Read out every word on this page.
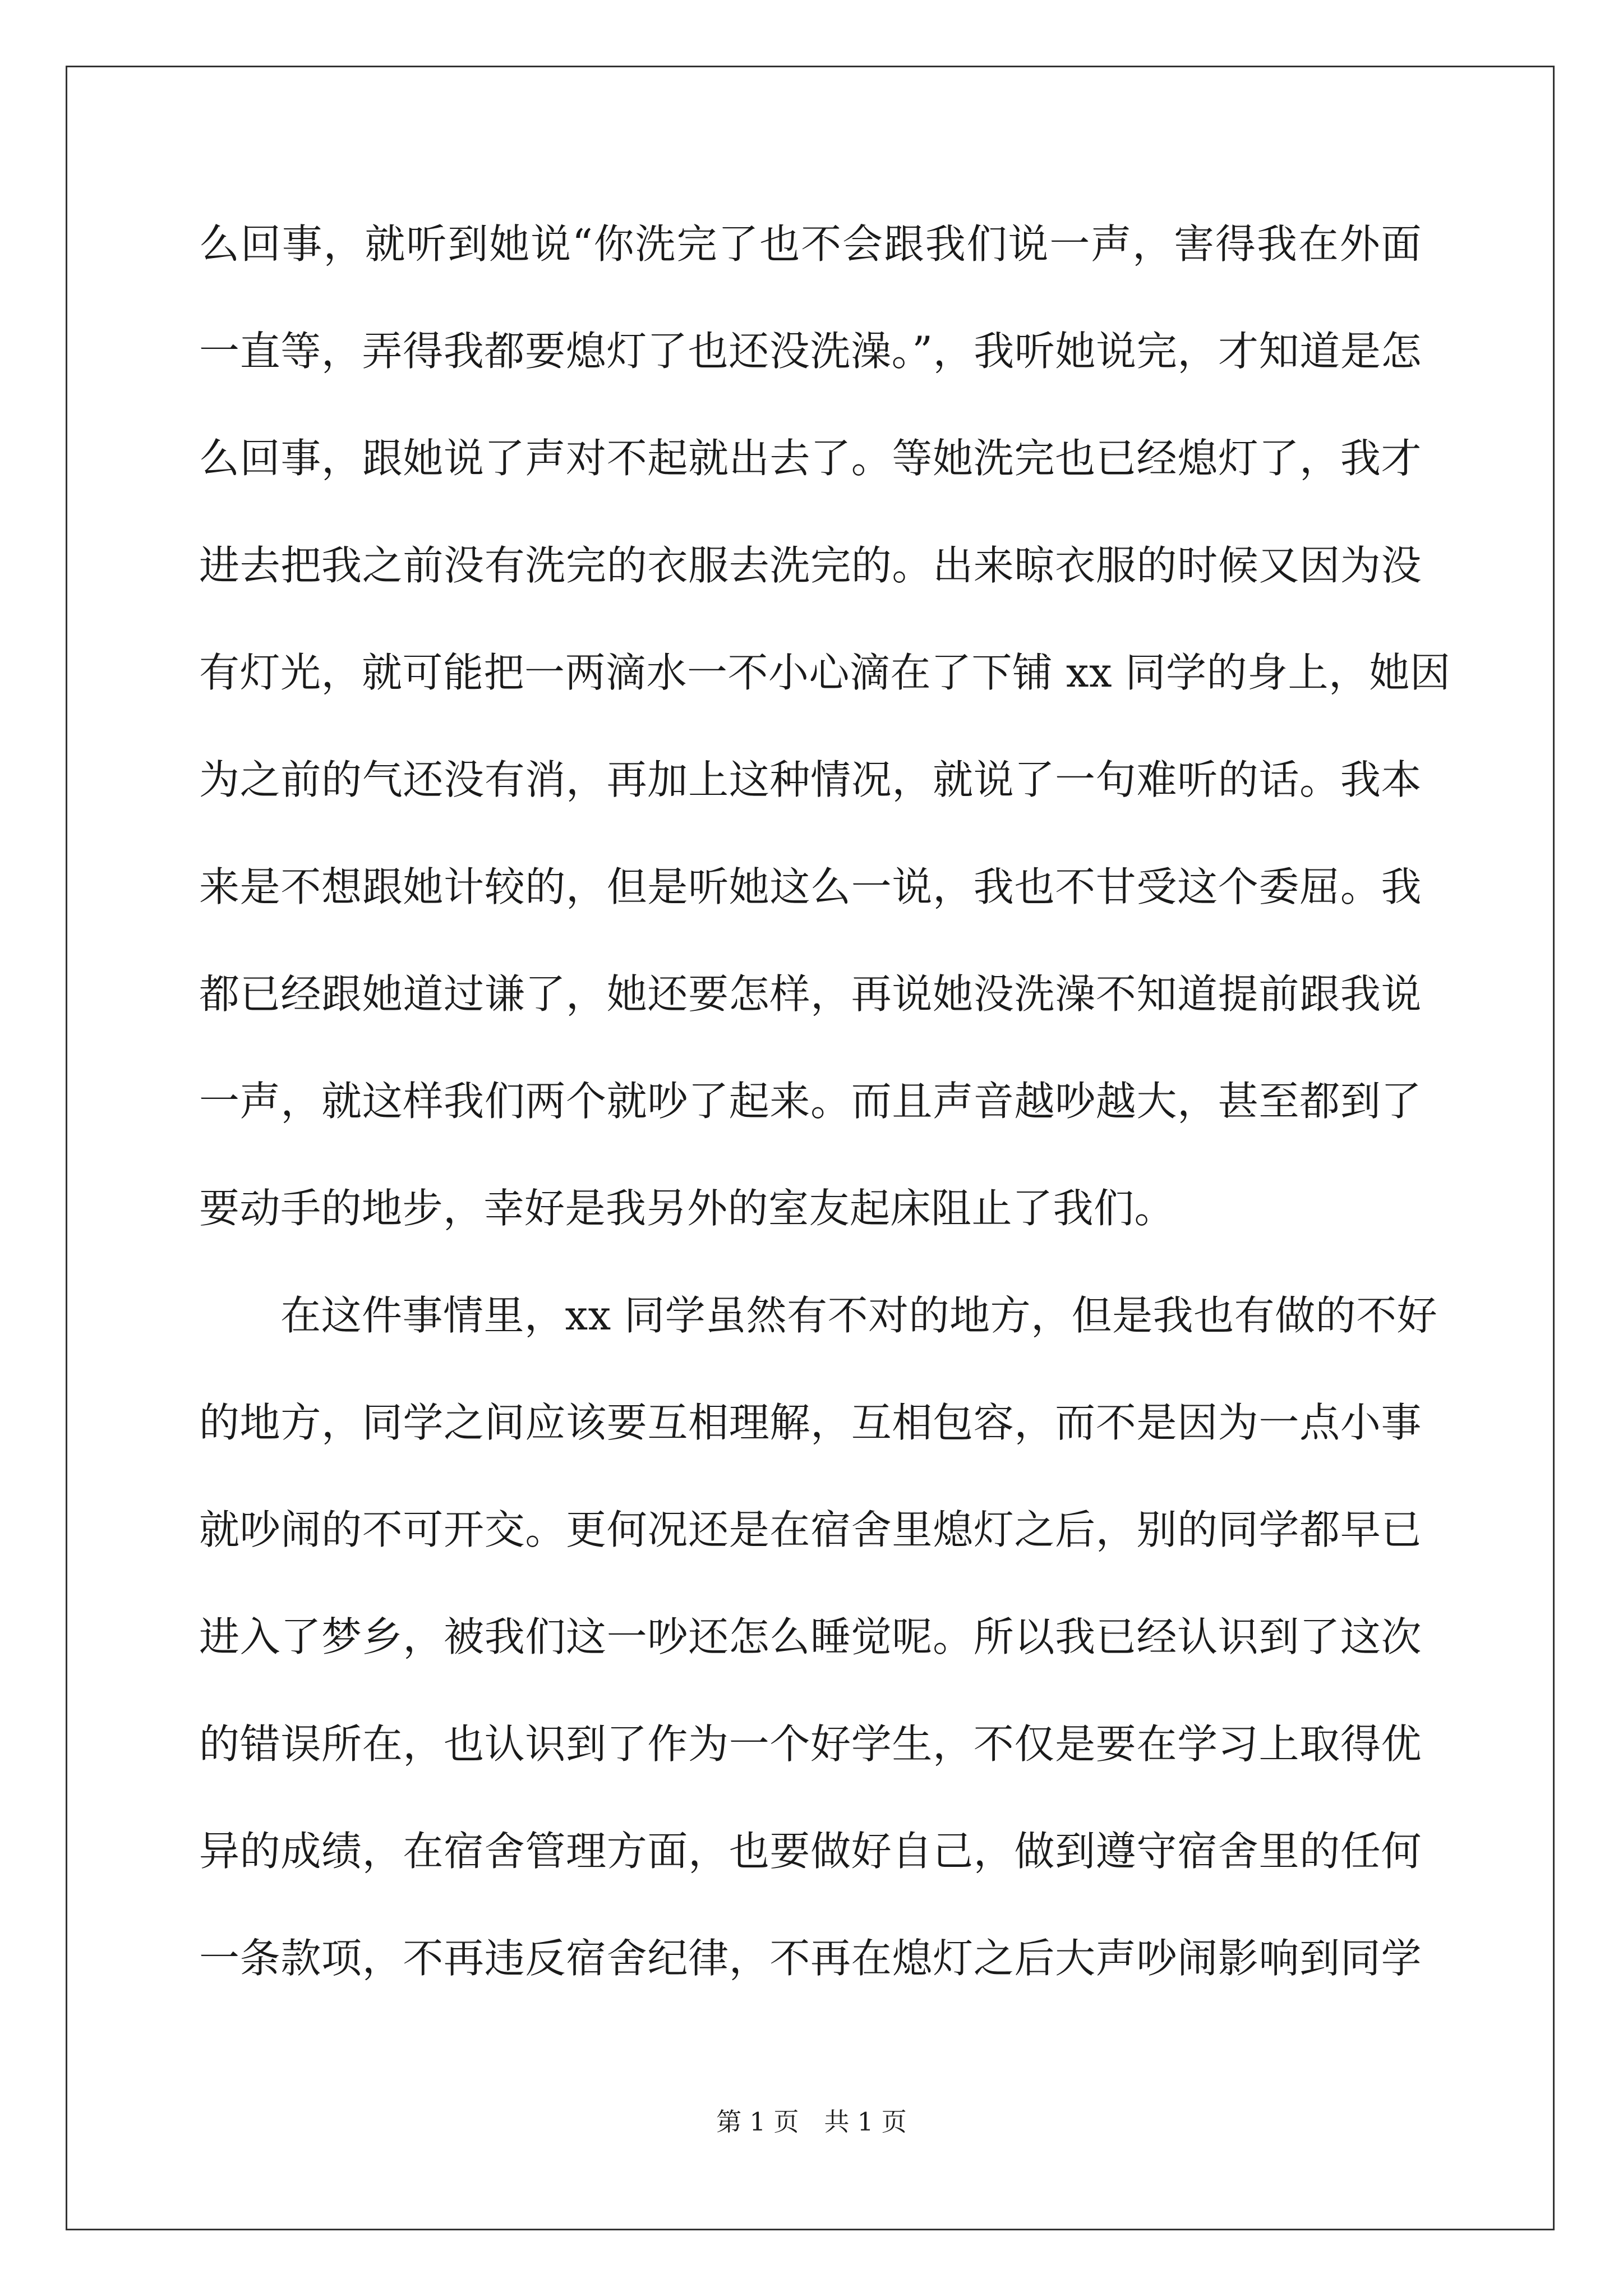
么回事，就听到她说“你洗完了也不会跟我们说一声，害得我在外面
一直等，弄得我都要熄灯了也还没洗澡。”，我听她说完，才知道是怎
么回事，跟她说了声对不起就出去了。等她洗完也已经熄灯了，我才
进去把我之前没有洗完的衣服去洗完的。出来晾衣服的时候又因为没
有灯光，就可能把一两滴水一不小心滴在了下铺 xx 同学的身上，她因
为之前的气还没有消，再加上这种情况，就说了一句难听的话。我本
来是不想跟她计较的，但是听她这么一说，我也不甘受这个委屈。我
都已经跟她道过谦了，她还要怎样，再说她没洗澡不知道提前跟我说
一声，就这样我们两个就吵了起来。而且声音越吵越大，甚至都到了
要动手的地步，幸好是我另外的室友起床阻止了我们。
在这件事情里，xx 同学虽然有不对的地方，但是我也有做的不好
的地方，同学之间应该要互相理解，互相包容，而不是因为一点小事
就吵闹的不可开交。更何况还是在宿舍里熄灯之后，别的同学都早已
进入了梦乡，被我们这一吵还怎么睡觉呢。所以我已经认识到了这次
的错误所在，也认识到了作为一个好学生，不仅是要在学习上取得优
异的成绩，在宿舍管理方面，也要做好自己，做到遵守宿舍里的任何
一条款项，不再违反宿舍纪律，不再在熄灯之后大声吵闹影响到同学
第 1 页　共 1 页
